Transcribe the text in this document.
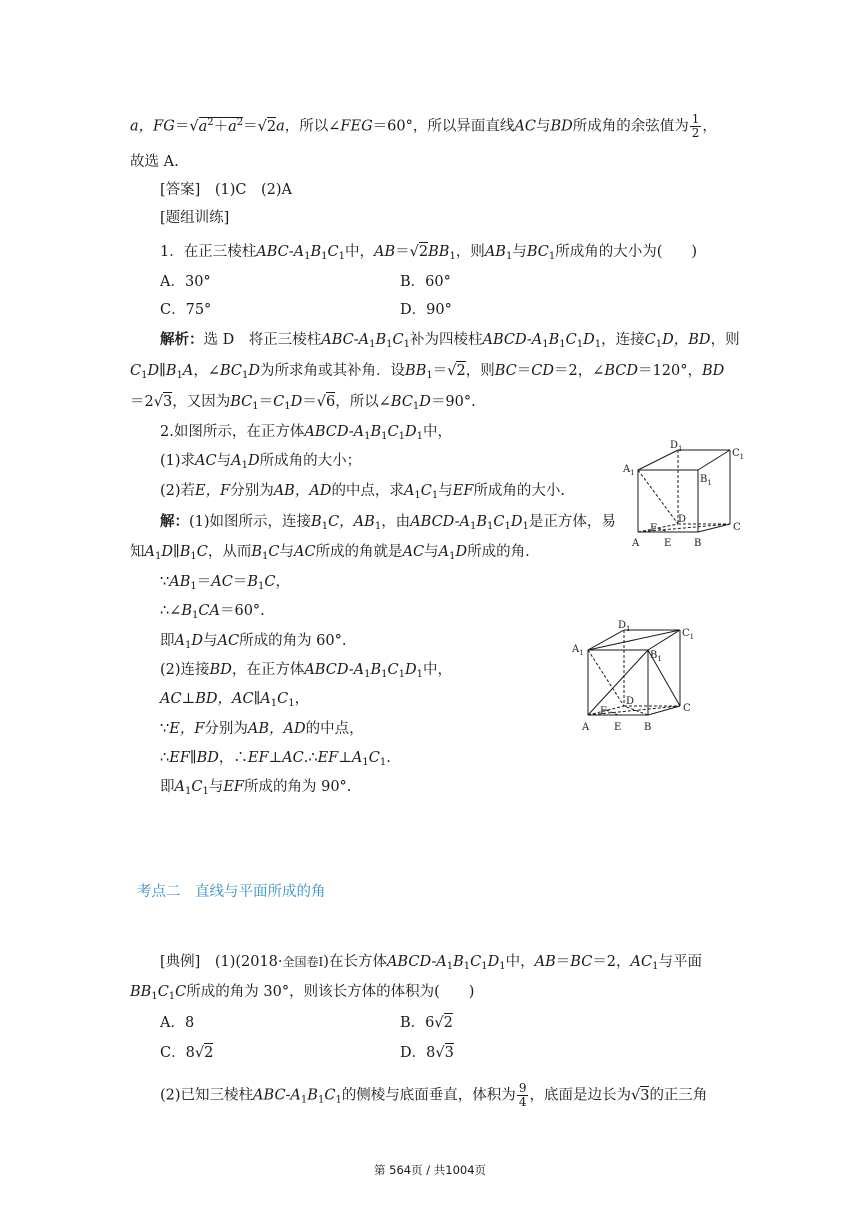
a，$FG=√a^2+a^2=√2a$，所以∠FEG＝60°，所以异面直线AC与BD所成角的余弦值为 $\frac{1}{2}$ ，
故选 A.
[答案]　(1)C　(2)A
[题组训练]
1．在正三棱柱ABC-$A_1B_1C_1$中，$AB=√2BB_1$，则$AB_1$与$BC_1$所成角的大小为(　　)
A．30°	B．60°
C．75°	D．90°
解析：选 D　将正三棱柱ABC-$A_1B_1C_1$补为四棱柱ABCD-$A_1B_1C_1D_1$，连接$C_1D$，BD，则
$C_1D\parallel B_1A$，$\angle BC_1D$为所求角或其补角．设$BB_1=√2$，则BC＝CD＝2，∠BCD＝120°，BD
＝2√3，又因为$BC_1=C_1D=√6$，所以$\angle BC_1D=90^\circ$.
2.如图所示，在正方体ABCD-$A_1B_1C_1D_1$中，
(1)求AC与$A_1D$所成角的大小；
(2)若E，F分别为AB，AD的中点，求$A_1C_1$与EF所成角的大小.
解：(1)如图所示，连接$B_1C$，$AB_1$，由ABCD-$A_1B_1C_1D_1$是正方体，易
知$A_1D\parallel B_1C$，从而$B_1C$与AC所成的角就是AC与$A_1D$所成的角.
$\because AB_1=AC=B_1C$，
$\therefore\angle B_1CA=60^\circ$.
即$A_1D$与AC所成的角为 60°.
(2)连接BD，在正方体ABCD-$A_1B_1C_1D_1$中，
AC⊥BD，$AC\parallel A_1C_1$，
∵E，F分别为AB，AD的中点，
∴EF∥BD，$\therefore EF\perp AC.\therefore EF\perp A_1C_1$.
即$A_1C_1$与EF所成的角为 90°.
$A_1$
$D_1$	$C_1$
$B_1$
D
C
F
A E B
$A_1$
$D_1$	$C_1$
$B_1$
D
C
F
A E B
考点二　直线与平面所成的角
[典例]　(1)(2018·全国卷Ⅰ)在长方体ABCD-$A_1B_1C_1D_1$中，AB＝BC＝2，$AC_1$与平面
$BB_1C_1C$所成的角为 30°，则该长方体的体积为(　　)
A．8	B．6√2
C．8√2	D．8√3
(2)已知三棱柱ABC-$A_1B_1C_1$的侧棱与底面垂直，体积为 $\frac{9}{4}$ ，底面是边长为√3的正三角
第 564页 / 共1004页
